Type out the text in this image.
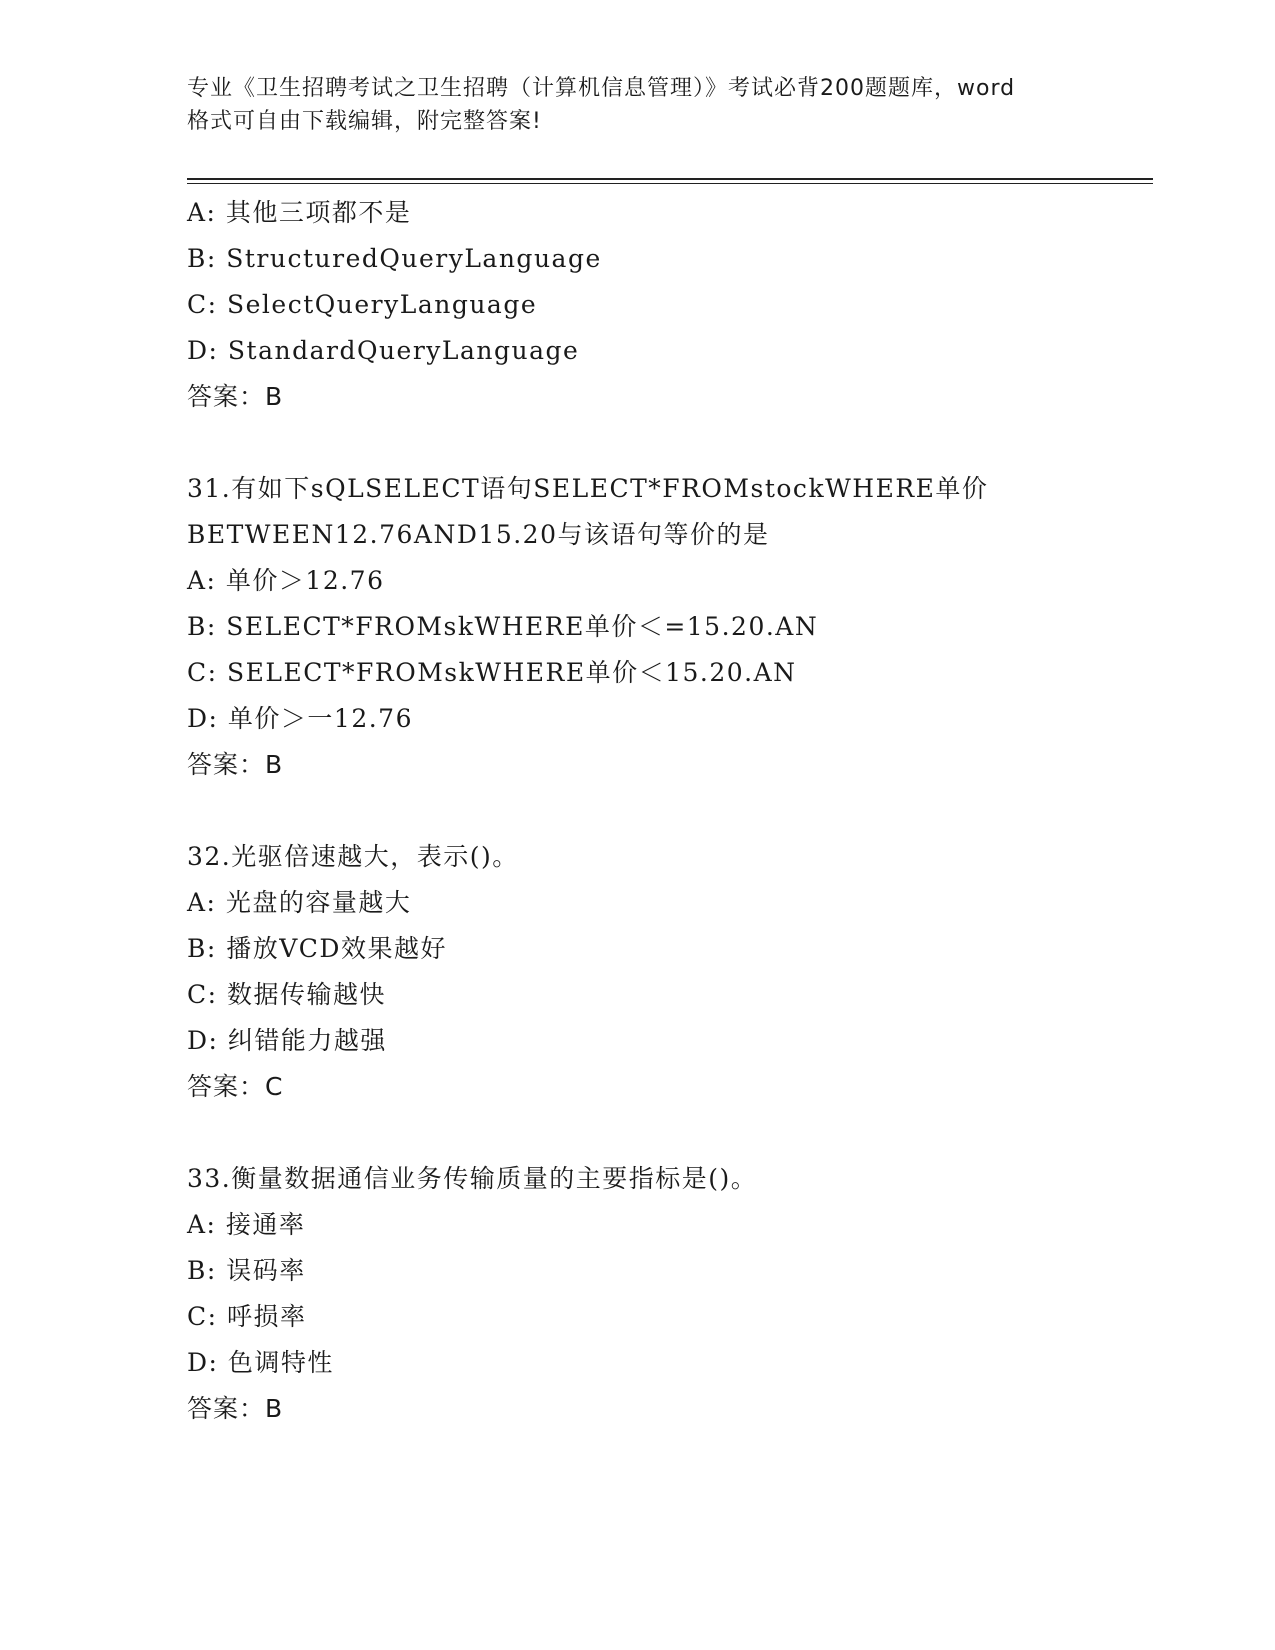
专业《卫生招聘考试之卫生招聘（计算机信息管理）》考试必背200题题库，word
格式可自由下载编辑，附完整答案!
A: 其他三项都不是
B: StructuredQueryLanguage
C: SelectQueryLanguage
D: StandardQueryLanguage
答案：B
31.有如下sQLSELECT语句SELECT*FROMstockWHERE单价
BETWEEN12.76AND15.20与该语句等价的是
A: 单价＞12.76
B: SELECT*FROMskWHERE单价＜=15.20.AN
C: SELECT*FROMskWHERE单价＜15.20.AN
D: 单价＞一12.76
答案：B
32.光驱倍速越大，表示()。
A: 光盘的容量越大
B: 播放VCD效果越好
C: 数据传输越快
D: 纠错能力越强
答案：C
33.衡量数据通信业务传输质量的主要指标是()。
A: 接通率
B: 误码率
C: 呼损率
D: 色调特性
答案：B
